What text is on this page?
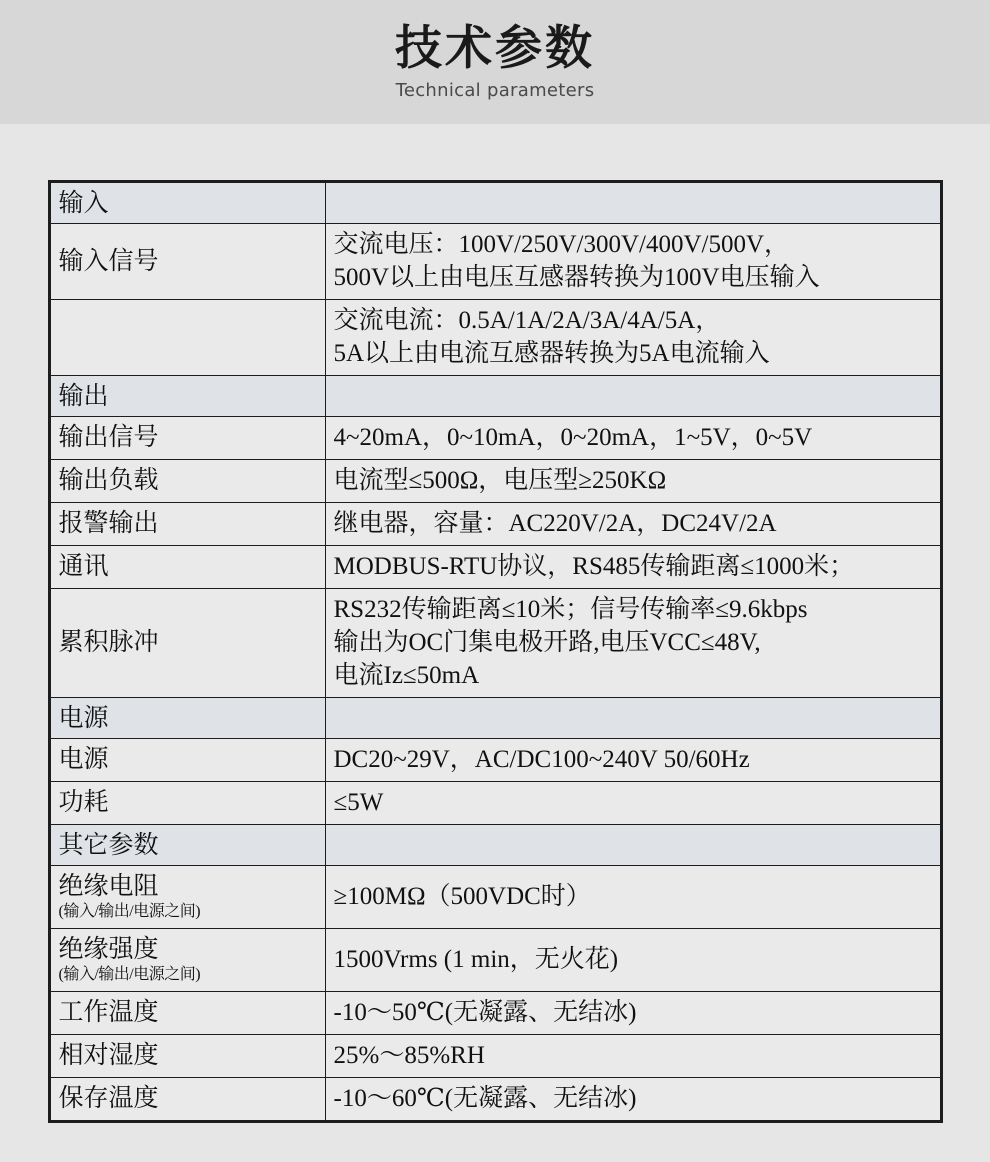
技术参数
Technical parameters
输入	
输入信号	交流电压：100V/250V/300V/400V/500V，
500V以上由电压互感器转换为100V电压输入

	交流电流：0.5A/1A/2A/3A/4A/5A，
5A以上由电流互感器转换为5A电流输入

输出	
输出信号	4~20mA，0~10mA，0~20mA，1~5V，0~5V
输出负载	电流型≤500Ω，电压型≥250KΩ
报警输出	继电器，容量：AC220V/2A，DC24V/2A
通讯	MODBUS-RTU协议，RS485传输距离≤1000米；
累积脉冲	RS232传输距离≤10米；信号传输率≤9.6kbps
输出为OC门集电极开路,电压VCC≤48V,
电流Iz≤50mA

电源	
电源	DC20~29V，AC/DC100~240V 50/60Hz
功耗	≤5W
其它参数	
绝缘电阻
(输入/输出/电源之间)	≥100MΩ（500VDC时）
绝缘强度
(输入/输出/电源之间)	1500Vrms (1 min，无火花)
工作温度	-10～50℃(无凝露、无结冰)
相对湿度	25%～85%RH
保存温度	-10～60℃(无凝露、无结冰)
